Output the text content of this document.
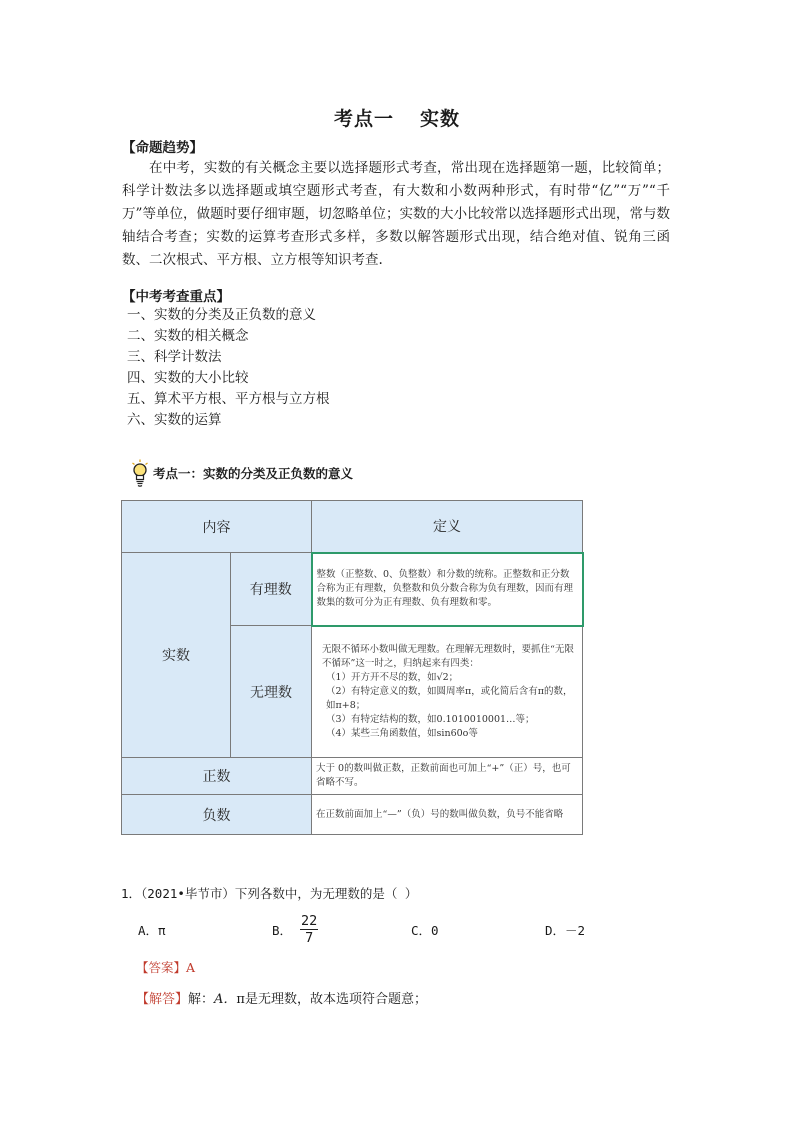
考点一 实数
【命题趋势】

在中考，实数的有关概念主要以选择题形式考查，常出现在选择题第一题，比较简单；科学计数法多以选择题或填空题形式考查，有大数和小数两种形式，有时带“亿”“万”“千万”等单位，做题时要仔细审题，切忽略单位；实数的大小比较常以选择题形式出现，常与数轴结合考查；实数的运算考查形式多样，多数以解答题形式出现，结合绝对值、锐角三函数、二次根式、平方根、立方根等知识考查.

【中考考查重点】
一、实数的分类及正负数的意义
二、实数的相关概念
三、科学计数法
四、实数的大小比较
五、算术平方根、平方根与立方根
六、实数的运算
考点一：实数的分类及正负数的意义
内容		定义
实数	有理数	整数（正整数、0、负整数）和分数的统称。正整数和正分数合称为正有理数，负整数和负分数合称为负有理数，因而有理数集的数可分为正有理数、负有理数和零。
	无理数	无限不循环小数叫做无理数。在理解无理数时，要抓住“无限不循环”这一时之，归纳起来有四类：
（1）开方开不尽的数，如√2；
（2）有特定意义的数，如圆周率π，或化简后含有π的数，如π+8；
（3）有特定结构的数，如0.1010010001…等；
（4）某些三角函数值，如sin60o等

正数		大于 0的数叫做正数，正数前面也可加上“+”（正）号，也可省略不写。
负数		在正数前面加上“—”（负）号的数叫做负数，负号不能省略
1．（2021•毕节市）下列各数中，为无理数的是（ ）
A．π	B． $\frac{22}{7}$	C．0	D．－2
【答案】A
【解答】解：A．π是无理数，故本选项符合题意；
